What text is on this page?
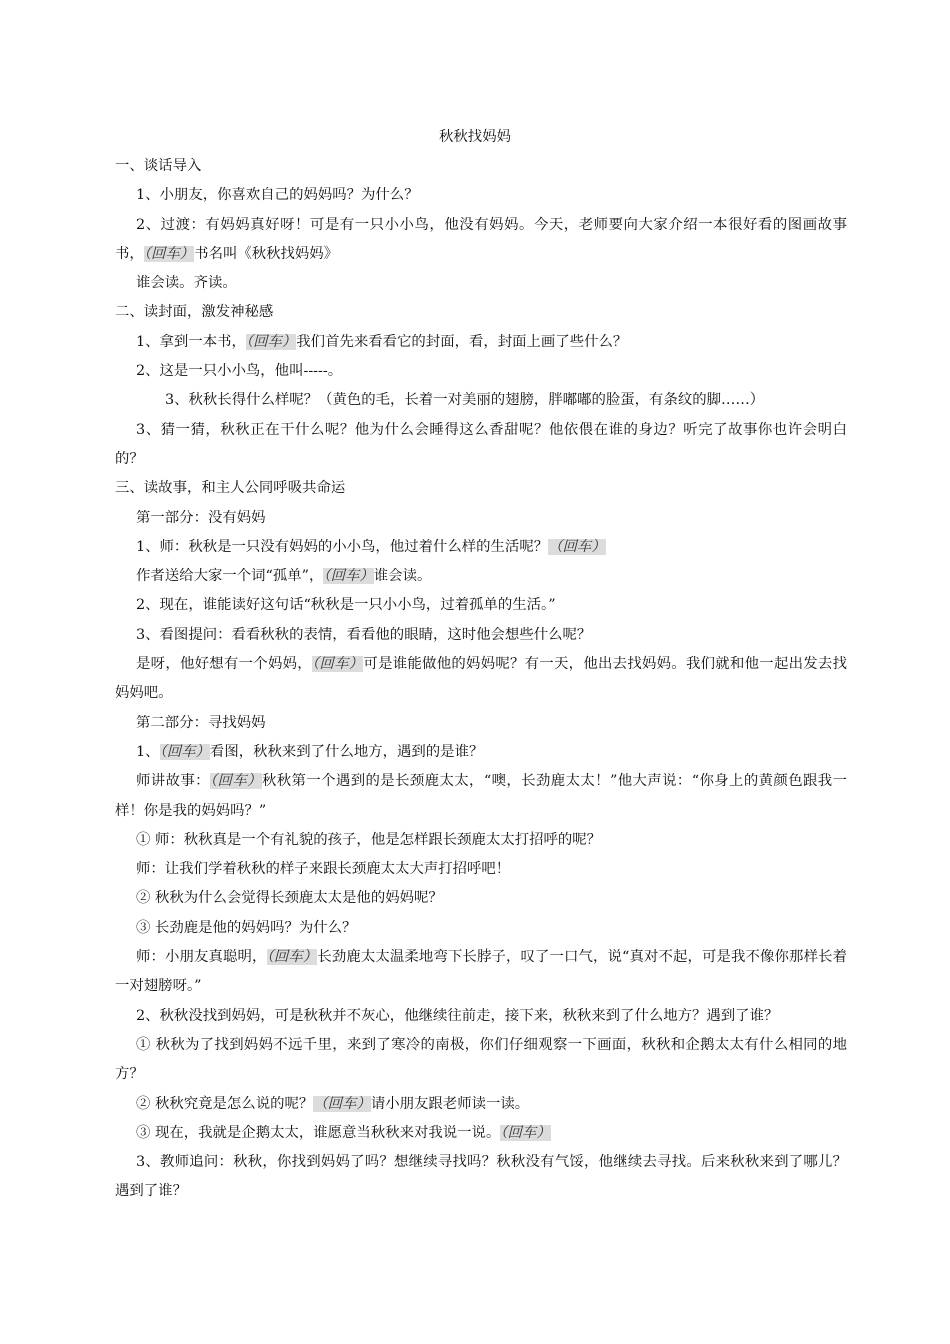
秋秋找妈妈
一、谈话导入
1、小朋友，你喜欢自己的妈妈吗？为什么？
2、过渡：有妈妈真好呀！可是有一只小小鸟，他没有妈妈。今天，老师要向大家介绍一本很好看的图画故事书，（回车）书名叫《秋秋找妈妈》
谁会读。齐读。
二、读封面，激发神秘感
1、拿到一本书，（回车）我们首先来看看它的封面，看，封面上画了些什么？
2、这是一只小小鸟，他叫-----。
3、秋秋长得什么样呢？（黄色的毛，长着一对美丽的翅膀，胖嘟嘟的脸蛋，有条纹的脚……）
3、猜一猜，秋秋正在干什么呢？他为什么会睡得这么香甜呢？他依偎在谁的身边？听完了故事你也许会明白的？
三、读故事，和主人公同呼吸共命运
第一部分：没有妈妈
1、师：秋秋是一只没有妈妈的小小鸟，他过着什么样的生活呢？（回车）
作者送给大家一个词“孤单”，（回车）谁会读。
2、现在，谁能读好这句话“秋秋是一只小小鸟，过着孤单的生活。”
3、看图提问：看看秋秋的表情，看看他的眼睛，这时他会想些什么呢？
是呀，他好想有一个妈妈，（回车）可是谁能做他的妈妈呢？有一天，他出去找妈妈。我们就和他一起出发去找妈妈吧。
第二部分：寻找妈妈
1、（回车）看图，秋秋来到了什么地方，遇到的是谁？
师讲故事：（回车）秋秋第一个遇到的是长颈鹿太太，“噢，长劲鹿太太！”他大声说：“你身上的黄颜色跟我一样！你是我的妈妈吗？”
① 师：秋秋真是一个有礼貌的孩子，他是怎样跟长颈鹿太太打招呼的呢？
师：让我们学着秋秋的样子来跟长颈鹿太太大声打招呼吧！
② 秋秋为什么会觉得长颈鹿太太是他的妈妈呢？
③ 长劲鹿是他的妈妈吗？为什么？
师：小朋友真聪明，（回车）长劲鹿太太温柔地弯下长脖子，叹了一口气，说“真对不起，可是我不像你那样长着一对翅膀呀。”
2、秋秋没找到妈妈，可是秋秋并不灰心，他继续往前走，接下来，秋秋来到了什么地方？遇到了谁？
① 秋秋为了找到妈妈不远千里，来到了寒冷的南极，你们仔细观察一下画面，秋秋和企鹅太太有什么相同的地方？
② 秋秋究竟是怎么说的呢？（回车）请小朋友跟老师读一读。
③ 现在，我就是企鹅太太，谁愿意当秋秋来对我说一说。（回车）
3、教师追问：秋秋，你找到妈妈了吗？想继续寻找吗？秋秋没有气馁，他继续去寻找。后来秋秋来到了哪儿？遇到了谁？
